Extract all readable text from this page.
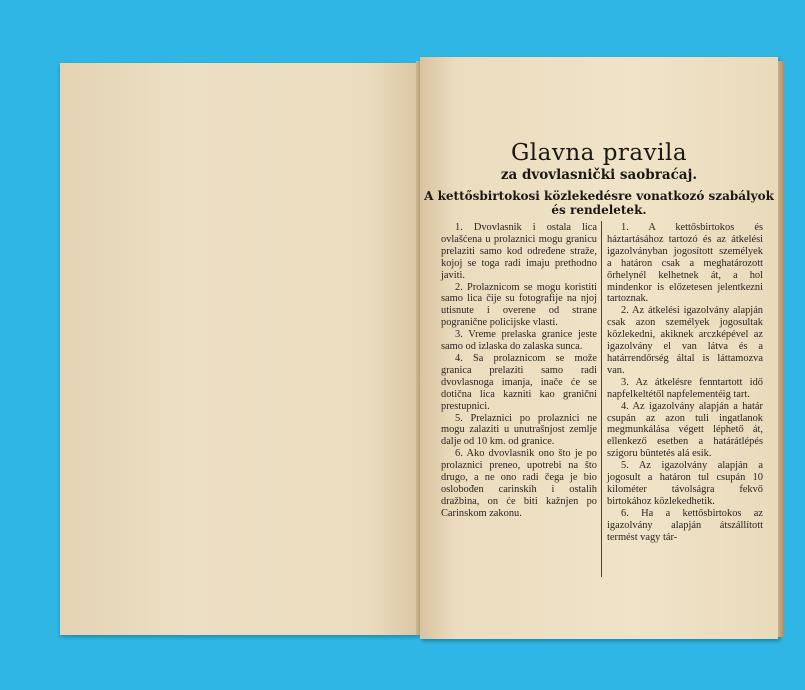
Glavna pravila
za dvovlasnički saobraćaj.
A kettősbirtokosi közlekedésre vonatkozó szabályok és rendeletek.

1. Dvovlasnik i ostala lica ovlašćena u prolaznici mogu granicu prelaziti samo kod određene straže, kojoj se toga radi imaju prethodno javiti.

2. Prolaznicom se mogu koristiti samo lica čije su fotografije na njoj utisnute i overene od strane pograničnе policijske vlasti.

3. Vreme prelaska granice jeste samo od izlaska do zalaska sunca.

4. Sa prolaznicom se može granica prelaziti samo radi dvovlasnoga imanja, inače će se dotična lica kazniti kao granični prestupnici.

5. Prelaznici po prolaznici ne mogu zalaziti u unutrašnjost zemlje dalje od 10 km. od granice.

6. Ako dvovlasnik ono što je po prolaznici preneo, upotrebi na što drugo, a ne ono radi čega je bio oslobođen carinskih i ostalih dražbina, on će biti kažnjen po Carinskom zakonu.

1. A kettősbirtokos és háztartásához tartozó és az átkelési igazolványban jogosított személyek a határon csak a meghatározott őrhelynél kelhetnek át, a hol mindenkor is előzetesen jelentkezni tartoznak.

2. Az átkelési igazolvány alapján csak azon személyek jogosultak közlekedni, akiknek arczképével az igazolvány el van látva és a határrendőrség által is láttamozva van.

3. Az átkelésre fenntartott idő napfelkeltétől napfelementéig tart.

4. Az igazolvány alapján a határ csupán az azon tuli ingatlanok megmunkálása végett léphető át, ellenkező esetben a határátlépés szigoru büntetés alá esik.

5. Az igazolvány alapján a jogosult a határon tul csupán 10 kilométer távolságra fekvő birtokához közlekedhetik.

6. Ha a kettősbirtokos az igazolvány alapján átszállított termést vagy tár-
